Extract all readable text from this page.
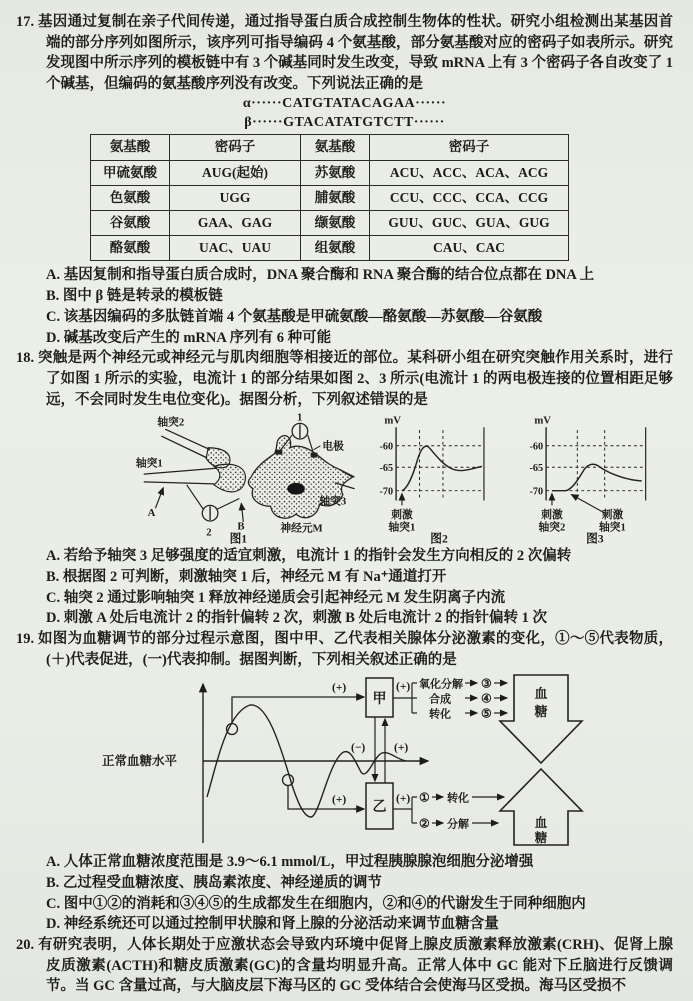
17. 基因通过复制在亲子代间传递，通过指导蛋白质合成控制生物体的性状。研究小组检测出某基因首端的部分序列如图所示，该序列可指导编码 4 个氨基酸，部分氨基酸对应的密码子如表所示。研究发现图中所示序列的模板链中有 3 个碱基同时发生改变，导致 mRNA 上有 3 个密码子各自改变了 1 个碱基，但编码的氨基酸序列没有改变。下列说法正确的是

α······CATGTATACAGAA······
β······GTACATATGTCTT······
氨基酸	密码子	氨基酸	密码子
甲硫氨酸	AUG(起始)	苏氨酸	ACU、ACC、ACA、ACG
色氨酸	UGG	脯氨酸	CCU、CCC、CCA、CCG
谷氨酸	GAA、GAG	缬氨酸	GUU、GUC、GUA、GUG
酪氨酸	UAC、UAU	组氨酸	CAU、CAC

A. 基因复制和指导蛋白质合成时，DNA 聚合酶和 RNA 聚合酶的结合位点都在 DNA 上

B. 图中 β 链是转录的模板链

C. 该基因编码的多肽链首端 4 个氨基酸是甲硫氨酸—酪氨酸—苏氨酸—谷氨酸

D. 碱基改变后产生的 mRNA 序列有 6 种可能

18. 突触是两个神经元或神经元与肌肉细胞等相接近的部位。某科研小组在研究突触作用关系时，进行了如图 1 所示的实验，电流计 1 的部分结果如图 2、3 所示(电流计 1 的两电极连接的位置相距足够远，不会同时发生电位变化)。据图分析，下列叙述错误的是

轴突2
轴突1
轴突3
1
电极
2
A
B	神经元M
图1
mV
-60
-65
-70
刺激
轴突1
图2
mV
-60
-65
-70
刺激
轴突2
刺激
轴突1
图3

A. 若给予轴突 3 足够强度的适宜刺激，电流计 1 的指针会发生方向相反的 2 次偏转

B. 根据图 2 可判断，刺激轴突 1 后，神经元 M 有 Na⁺通道打开

C. 轴突 2 通过影响轴突 1 释放神经递质会引起神经元 M 发生阴离子内流

D. 刺激 A 处后电流计 2 的指针偏转 2 次，刺激 B 处后电流计 2 的指针偏转 1 次

19. 如图为血糖调节的部分过程示意图，图中甲、乙代表相关腺体分泌激素的变化，①～⑤代表物质，(＋)代表促进，(一)代表抑制。据图判断，下列相关叙述正确的是

正常血糖水平
(+)
甲
(+) 氧化分解 ③
合成	④
转化	⑤
血
糖
(−)	(+)
乙
(+)	(+) ① 转化
② 分解	血
糖

A. 人体正常血糖浓度范围是 3.9～6.1 mmol/L，甲过程胰腺腺泡细胞分泌增强

B. 乙过程受血糖浓度、胰岛素浓度、神经递质的调节

C. 图中①②的消耗和③④⑤的生成都发生在细胞内，②和④的代谢发生于同种细胞内

D. 神经系统还可以通过控制甲状腺和肾上腺的分泌活动来调节血糖含量

20. 有研究表明，人体长期处于应激状态会导致内环境中促肾上腺皮质激素释放激素(CRH)、促肾上腺皮质激素(ACTH)和糖皮质激素(GC)的含量均明显升高。正常人体中 GC 能对下丘脑进行反馈调节。当 GC 含量过高，与大脑皮层下海马区的 GC 受体结合会使海马区受损。海马区受损不
